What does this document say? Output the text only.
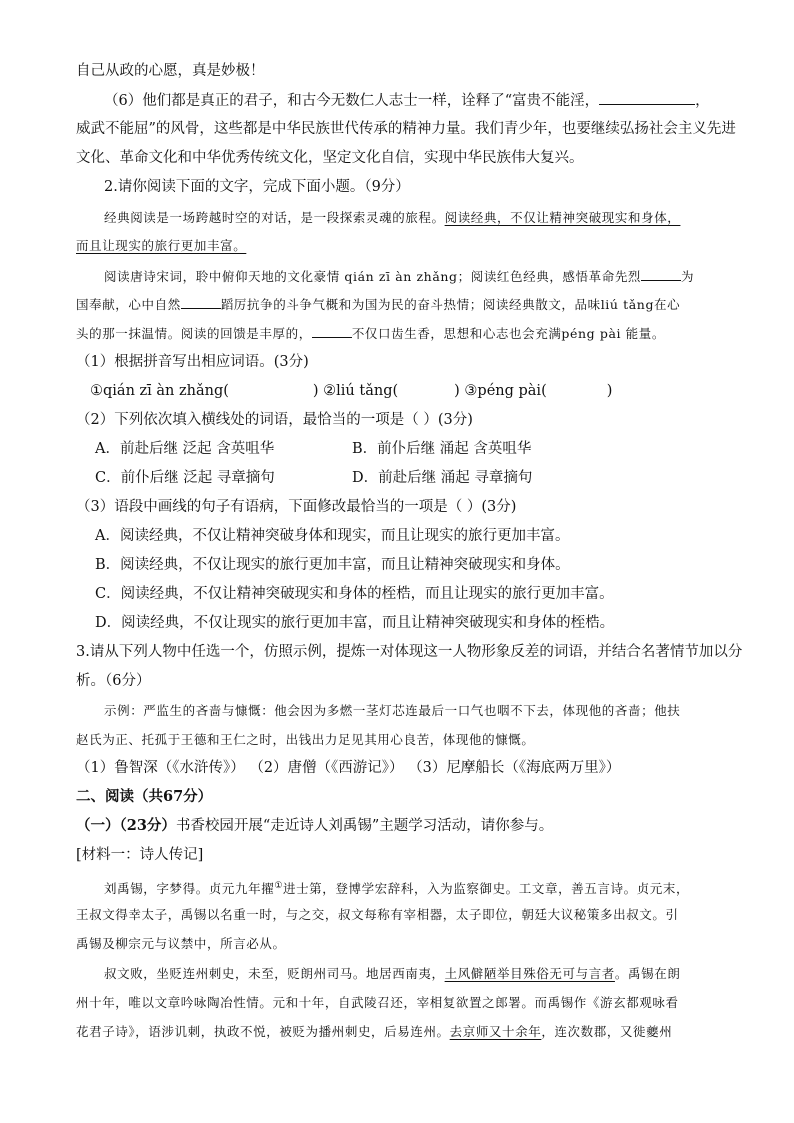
自己从政的心愿，真是妙极！
（6）他们都是真正的君子，和古今无数仁人志士一样，诠释了“富贵不能淫，	，
威武不能屈”的风骨，这些都是中华民族世代传承的精神力量。我们青少年，也要继续弘扬社会主义先进
文化、革命文化和中华优秀传统文化，坚定文化自信，实现中华民族伟大复兴。
2.请你阅读下面的文字，完成下面小题。（9分）
经典阅读是一场跨越时空的对话，是一段探索灵魂的旅程。阅读经典，不仅让精神突破现实和身体，
而且让现实的旅行更加丰富。
阅读唐诗宋词，聆中俯仰天地的文化豪情 qián zī àn zhǎng；阅读红色经典，感悟革命先烈	为
国奉献，心中自然	蹈厉抗争的斗争气概和为国为民的奋斗热情；阅读经典散文，品味liú tǎng在心
头的那一抹温情。阅读的回馈是丰厚的，	不仅口齿生香，思想和心志也会充满péng pài 能量。
（1）根据拼音写出相应词语。(3分)
①qián zī àn zhǎng(	) ②liú tǎng(	) ③péng pài(	)
（2）下列依次填入横线处的词语，最恰当的一项是（ ）(3分)
A．前赴后继 泛起 含英咀华	B．前仆后继 涌起 含英咀华
C．前仆后继 泛起 寻章摘句	D．前赴后继 涌起 寻章摘句
（3）语段中画线的句子有语病，下面修改最恰当的一项是（ ）(3分)
A．阅读经典，不仅让精神突破身体和现实，而且让现实的旅行更加丰富。
B．阅读经典，不仅让现实的旅行更加丰富，而且让精神突破现实和身体。
C．阅读经典，不仅让精神突破现实和身体的桎梏，而且让现实的旅行更加丰富。
D．阅读经典，不仅让现实的旅行更加丰富，而且让精神突破现实和身体的桎梏。
3.请从下列人物中任选一个，仿照示例，提炼一对体现这一人物形象反差的词语，并结合名著情节加以分
析。（6分）
示例：严监生的吝啬与慷慨：他会因为多燃一茎灯芯连最后一口气也咽不下去，体现他的吝啬；他扶
赵氏为正、托孤于王德和王仁之时，出钱出力足见其用心良苦，体现他的慷慨。
（1）鲁智深（《水浒传》） （2）唐僧（《西游记》） （3）尼摩船长（《海底两万里》）
二、阅读（共67分）
（一）（23分）书香校园开展“走近诗人刘禹锡”主题学习活动，请你参与。
[材料一：诗人传记]
刘禹锡，字梦得。贞元九年擢①进士第，登博学宏辞科，入为监察御史。工文章，善五言诗。贞元末，
王叔文得幸太子，禹锡以名重一时，与之交，叔文每称有宰相器，太子即位，朝廷大议秘策多出叔文。引
禹锡及柳宗元与议禁中，所言必从。
叔文败，坐贬连州刺史，未至，贬朗州司马。地居西南夷，土风僻陋举目殊俗无可与言者。禹锡在朗
州十年，唯以文章吟咏陶冶性情。元和十年，自武陵召还，宰相复欲置之郎署。而禹锡作《游玄都观咏看
花君子诗》，语涉讥刺，执政不悦，被贬为播州刺史，后易连州。去京师又十余年，连次数郡，又徙夔州
